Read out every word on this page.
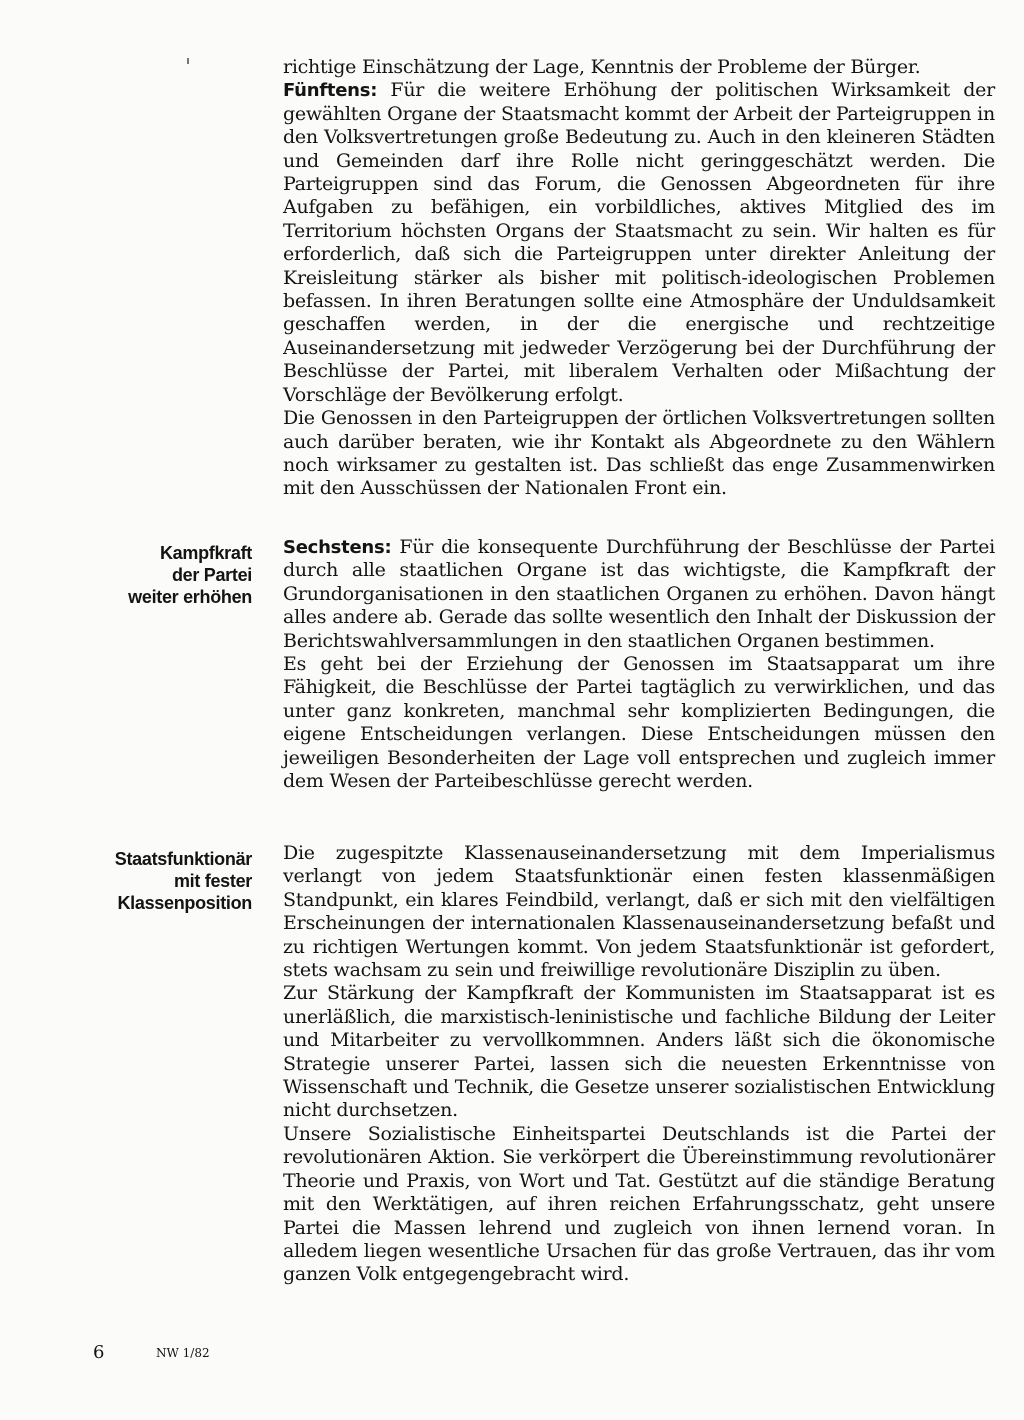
richtige Einschätzung der Lage, Kenntnis der Probleme der Bürger.

Fünftens: Für die weitere Erhöhung der politischen Wirksamkeit der gewählten Organe der Staatsmacht kommt der Arbeit der Parteigruppen in den Volksvertretungen große Bedeutung zu. Auch in den kleineren Städten und Gemeinden darf ihre Rolle nicht geringgeschätzt werden. Die Parteigruppen sind das Forum, die Genossen Abgeordneten für ihre Aufgaben zu befähigen, ein vorbildliches, aktives Mitglied des im Territorium höchsten Organs der Staatsmacht zu sein. Wir halten es für erforderlich, daß sich die Parteigruppen unter direkter Anleitung der Kreisleitung stärker als bisher mit politisch-ideologischen Problemen befassen. In ihren Beratungen sollte eine Atmosphäre der Unduldsamkeit geschaffen werden, in der die energische und rechtzeitige Auseinandersetzung mit jedweder Verzögerung bei der Durchführung der Beschlüsse der Partei, mit liberalem Verhalten oder Mißachtung der Vorschläge der Bevölkerung erfolgt.

Die Genossen in den Parteigruppen der örtlichen Volksvertretungen sollten auch darüber beraten, wie ihr Kontakt als Abgeordnete zu den Wählern noch wirksamer zu gestalten ist. Das schließt das enge Zusammenwirken mit den Ausschüssen der Nationalen Front ein.

Kampfkraft
der Partei
weiter erhöhen

Sechstens: Für die konsequente Durchführung der Beschlüsse der Partei durch alle staatlichen Organe ist das wichtigste, die Kampfkraft der Grundorganisationen in den staatlichen Organen zu erhöhen. Davon hängt alles andere ab. Gerade das sollte wesentlich den Inhalt der Diskussion der Berichtswahlversammlungen in den staatlichen Organen bestimmen.

Es geht bei der Erziehung der Genossen im Staatsapparat um ihre Fähigkeit, die Beschlüsse der Partei tagtäglich zu verwirklichen, und das unter ganz konkreten, manchmal sehr komplizierten Bedingungen, die eigene Entscheidungen verlangen. Diese Entscheidungen müssen den jeweiligen Besonderheiten der Lage voll entsprechen und zugleich immer dem Wesen der Parteibeschlüsse gerecht werden.

Staatsfunktionär
mit fester
Klassenposition

Die zugespitzte Klassenauseinandersetzung mit dem Imperialismus verlangt von jedem Staatsfunktionär einen festen klassenmäßigen Standpunkt, ein klares Feindbild, verlangt, daß er sich mit den vielfältigen Erscheinungen der internationalen Klassenauseinandersetzung befaßt und zu richtigen Wertungen kommt. Von jedem Staatsfunktionär ist gefordert, stets wachsam zu sein und freiwillige revolutionäre Disziplin zu üben.

Zur Stärkung der Kampfkraft der Kommunisten im Staatsapparat ist es unerläßlich, die marxistisch-leninistische und fachliche Bildung der Leiter und Mitarbeiter zu vervollkommnen. Anders läßt sich die ökonomische Strategie unserer Partei, lassen sich die neuesten Erkenntnisse von Wissenschaft und Technik, die Gesetze unserer sozialistischen Entwicklung nicht durchsetzen.

Unsere Sozialistische Einheitspartei Deutschlands ist die Partei der revolutionären Aktion. Sie verkörpert die Übereinstimmung revolutionärer Theorie und Praxis, von Wort und Tat. Gestützt auf die ständige Beratung mit den Werktätigen, auf ihren reichen Erfahrungsschatz, geht unsere Partei die Massen lehrend und zugleich von ihnen lernend voran. In alledem liegen wesentliche Ursachen für das große Vertrauen, das ihr vom ganzen Volk entgegengebracht wird.

6	NW 1/82
